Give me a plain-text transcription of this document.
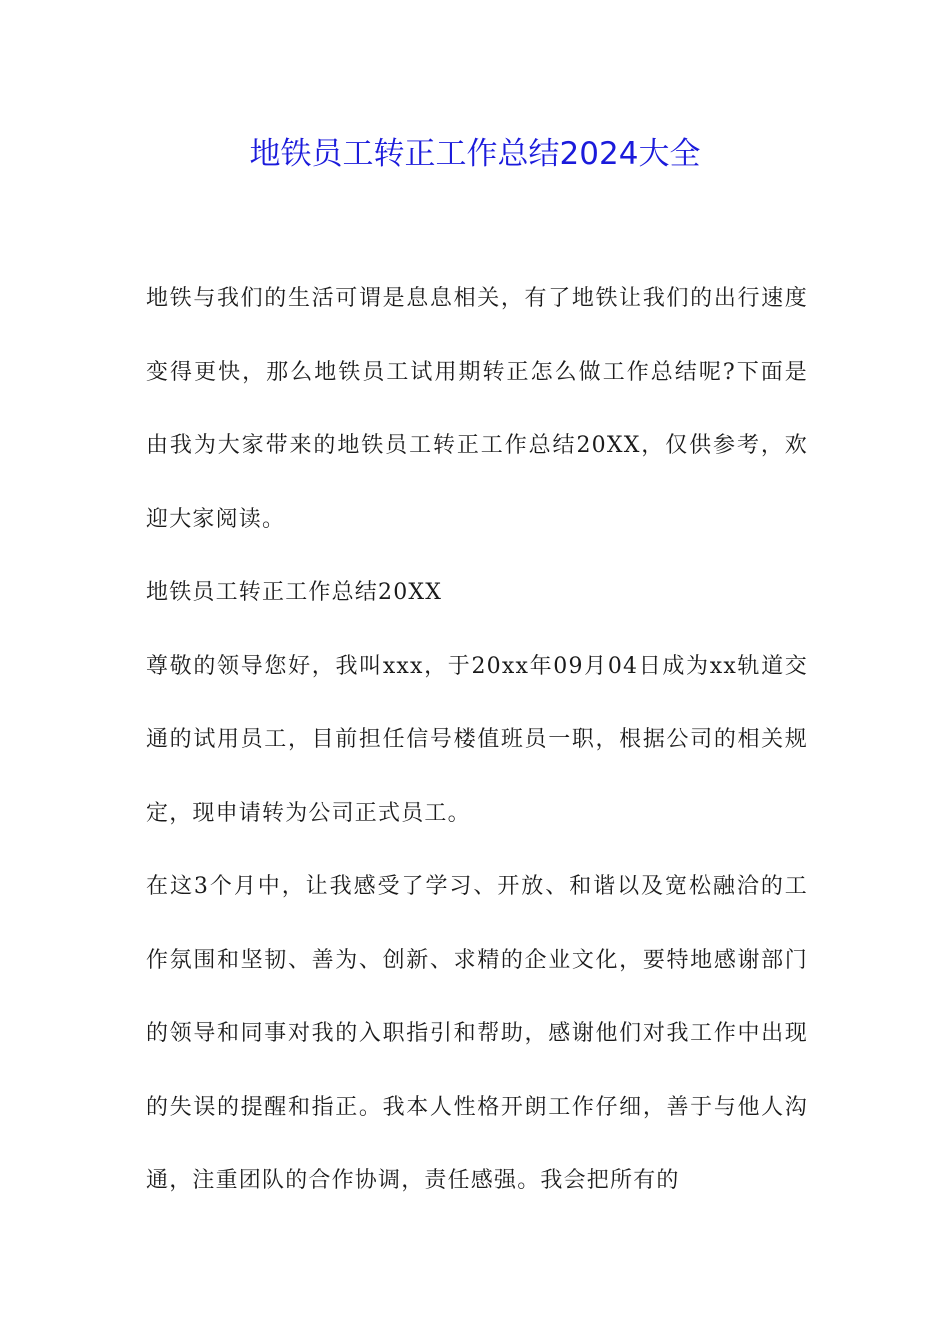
地铁员工转正工作总结2024大全

地铁与我们的生活可谓是息息相关，有了地铁让我们的出行速度变得更快，那么地铁员工试用期转正怎么做工作总结呢?下面是由我为大家带来的地铁员工转正工作总结20XX，仅供参考，欢迎大家阅读。

地铁员工转正工作总结20XX

尊敬的领导您好，我叫xxx，于20xx年09月04日成为xx轨道交通的试用员工，目前担任信号楼值班员一职，根据公司的相关规定，现申请转为公司正式员工。

在这3个月中，让我感受了学习、开放、和谐以及宽松融洽的工作氛围和坚韧、善为、创新、求精的企业文化，要特地感谢部门的领导和同事对我的入职指引和帮助，感谢他们对我工作中出现的失误的提醒和指正。我本人性格开朗工作仔细，善于与他人沟通，注重团队的合作协调，责任感强。我会把所有的
